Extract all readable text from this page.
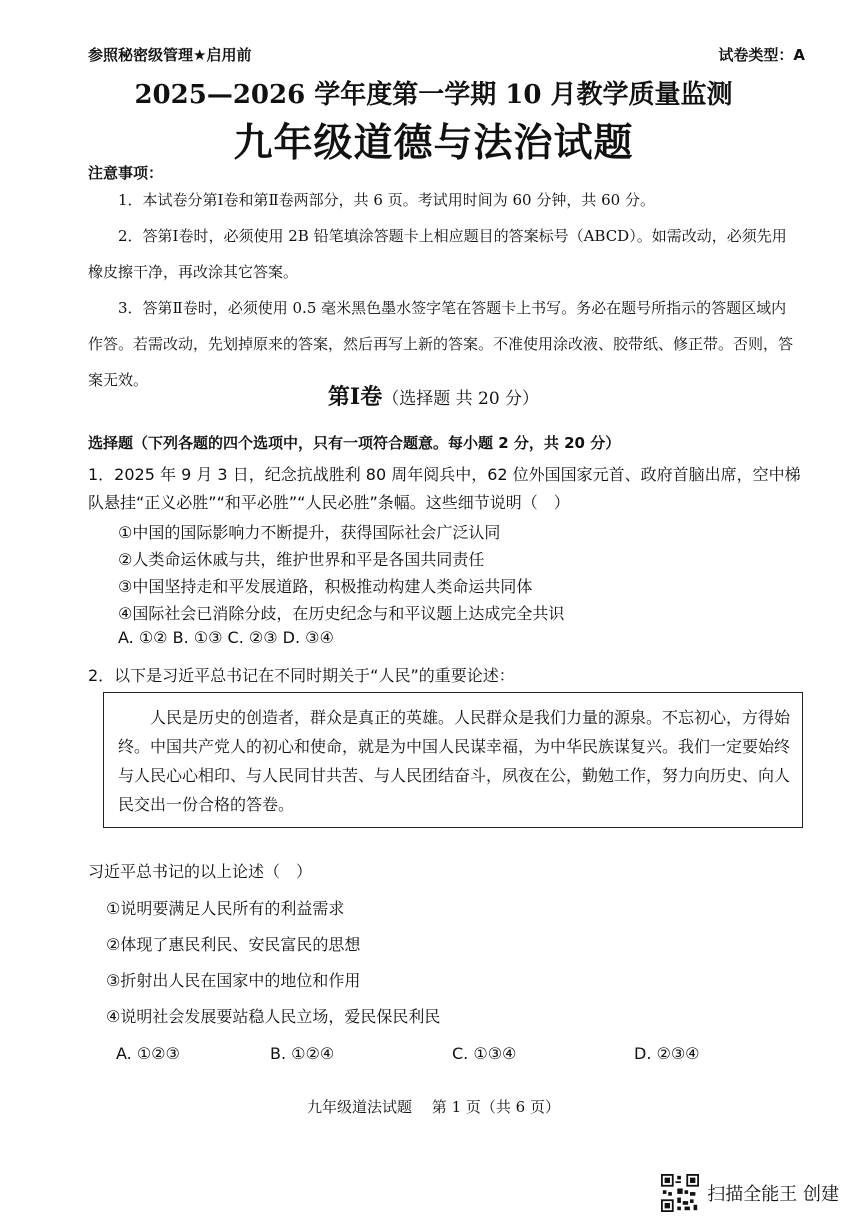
参照秘密级管理★启用前	试卷类型：A
2025—2026 学年度第一学期 10 月教学质量监测
九年级道德与法治试题
注意事项：
1．本试卷分第Ⅰ卷和第Ⅱ卷两部分，共 6 页。考试用时间为 60 分钟，共 60 分。
2．答第Ⅰ卷时，必须使用 2B 铅笔填涂答题卡上相应题目的答案标号（ABCD）。如需改动，必须先用橡皮擦干净，再改涂其它答案。
3．答第Ⅱ卷时，必须使用 0.5 毫米黑色墨水签字笔在答题卡上书写。务必在题号所指示的答题区域内作答。若需改动，先划掉原来的答案，然后再写上新的答案。不准使用涂改液、胶带纸、修正带。否则，答案无效。
第Ⅰ卷（选择题 共 20 分）
选择题（下列各题的四个选项中，只有一项符合题意。每小题 2 分，共 20 分）
1．2025 年 9 月 3 日，纪念抗战胜利 80 周年阅兵中，62 位外国国家元首、政府首脑出席，空中梯队悬挂“正义必胜”“和平必胜”“人民必胜”条幅。这些细节说明（　）
①中国的国际影响力不断提升，获得国际社会广泛认同
②人类命运休戚与共，维护世界和平是各国共同责任
③中国坚持走和平发展道路，积极推动构建人类命运共同体
④国际社会已消除分歧，在历史纪念与和平议题上达成完全共识
A. ①② B. ①③ C. ②③ D. ③④
2．以下是习近平总书记在不同时期关于“人民”的重要论述：
人民是历史的创造者，群众是真正的英雄。人民群众是我们力量的源泉。不忘初心，方得始终。中国共产党人的初心和使命，就是为中国人民谋幸福，为中华民族谋复兴。我们一定要始终与人民心心相印、与人民同甘共苦、与人民团结奋斗，夙夜在公，勤勉工作，努力向历史、向人民交出一份合格的答卷。
习近平总书记的以上论述（　）
①说明要满足人民所有的利益需求
②体现了惠民利民、安民富民的思想
③折射出人民在国家中的地位和作用
④说明社会发展要站稳人民立场，爱民保民利民
A. ①②③	B. ①②④	C. ①③④	D. ②③④
九年级道法试题　 第 1 页（共 6 页）
扫描全能王 创建
